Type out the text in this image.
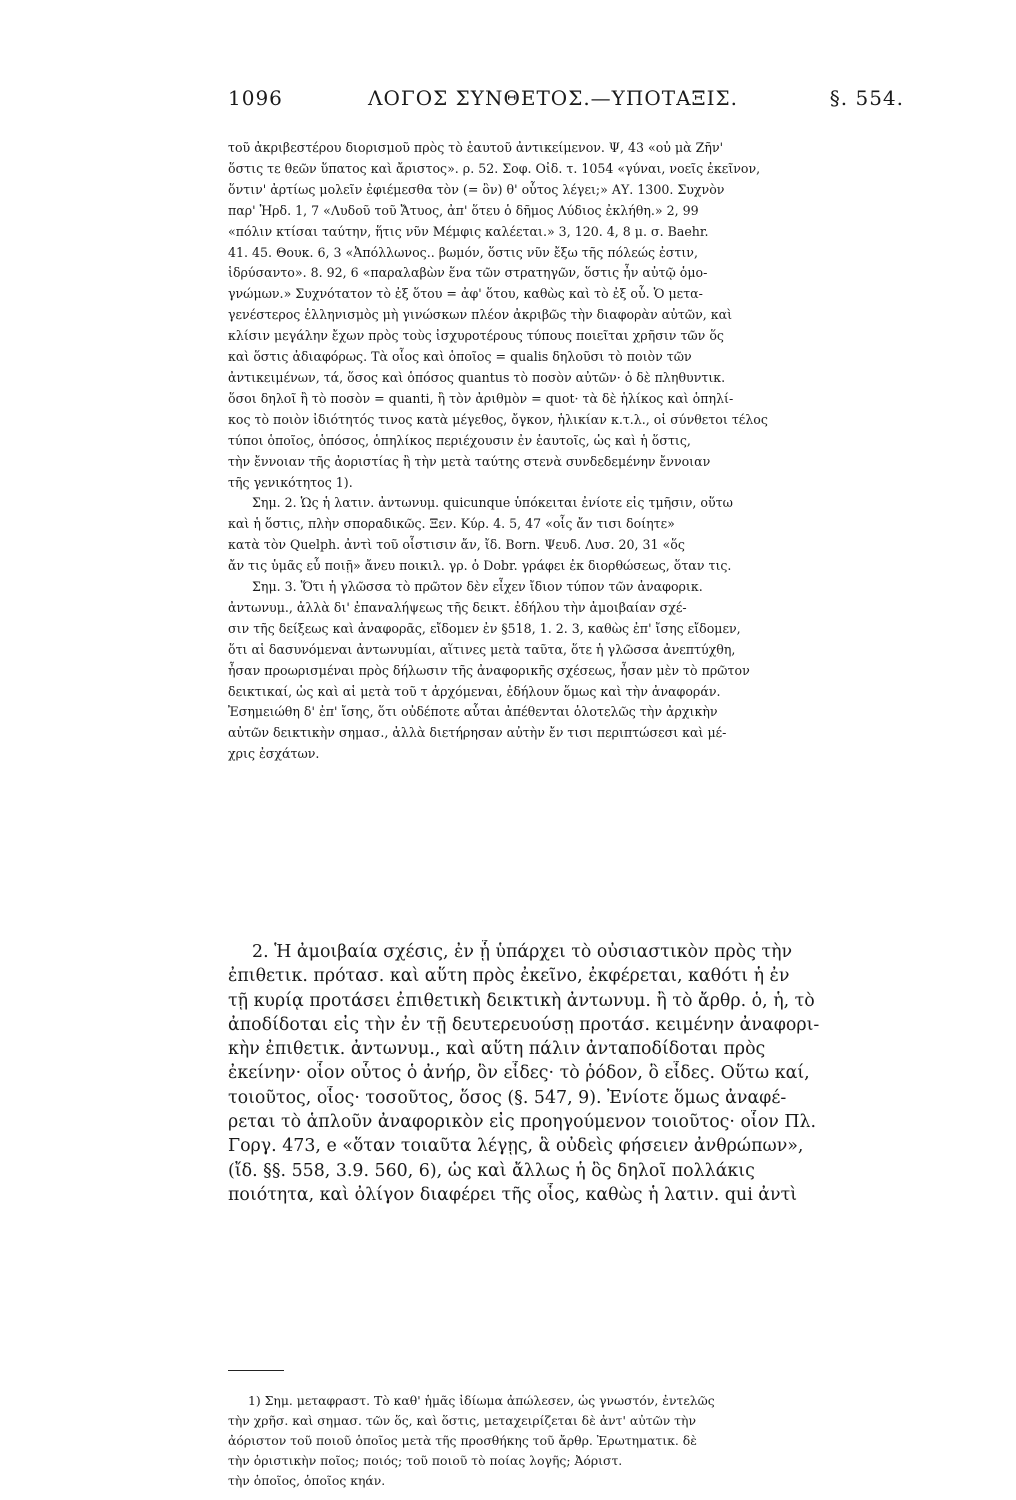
1096	ΛΟΓΟΣ ΣΥΝΘΕΤΟΣ.—ΥΠΟΤΑΞΙΣ.	§. 554.
τοῦ ἀκριβεστέρου διορισμοῦ πρὸς τὸ ἑαυτοῦ ἀντικείμενον. Ψ, 43 «οὐ μὰ Ζῆν'
ὅστις τε θεῶν ὕπατος καὶ ἄριστος». ρ. 52. Σοφ. Οἰδ. τ. 1054 «γύναι, νοεῖς ἐκεῖνον,
ὅντιν' ἀρτίως μολεῖν ἐφιέμεσθα τὸν (= ὃν) θ' οὗτος λέγει;» ΑΥ. 1300. Συχνὸν
παρ' Ἡρδ. 1, 7 «Λυδοῦ τοῦ Ἄτυος, ἀπ' ὅτευ ὁ δῆμος Λύδιος ἐκλήθη.» 2, 99
«πόλιν κτίσαι ταύτην, ἥτις νῦν Μέμφις καλέεται.» 3, 120. 4, 8 μ. σ. Baehr.
41. 45. Θουκ. 6, 3 «Ἀπόλλωνος.. βωμόν, ὅστις νῦν ἔξω τῆς πόλεώς ἐστιν,
ἱδρύσαντο». 8. 92, 6 «παραλαβὼν ἕνα τῶν στρατηγῶν, ὅστις ἦν αὐτῷ ὁμο-
γνώμων.» Συχνότατον τὸ ἐξ ὅτου = ἀφ' ὅτου, καθὼς καὶ τὸ ἐξ οὗ. Ὁ μετα-
γενέστερος ἑλληνισμὸς μὴ γινώσκων πλέον ἀκριβῶς τὴν διαφορὰν αὐτῶν, καὶ
κλίσιν μεγάλην ἔχων πρὸς τοὺς ἰσχυροτέρους τύπους ποιεῖται χρῆσιν τῶν ὅς
καὶ ὅστις ἀδιαφόρως. Τὰ οἷος καὶ ὁποῖος = qualis δηλοῦσι τὸ ποιὸν τῶν
ἀντικειμένων, τά, ὅσος καὶ ὁπόσος quantus τὸ ποσὸν αὐτῶν· ὁ δὲ πληθυντικ.
ὅσοι δηλοῖ ἢ τὸ ποσὸν = quanti, ἢ τὸν ἀριθμὸν = quot· τὰ δὲ ἡλίκος καὶ ὁπηλί-
κος τὸ ποιὸν ἰδιότητός τινος κατὰ μέγεθος, ὄγκον, ἡλικίαν κ.τ.λ., οἱ σύνθετοι τέλος
τύποι ὁποῖος, ὁπόσος, ὁπηλίκος περιέχουσιν ἐν ἑαυτοῖς, ὡς καὶ ἡ ὅστις,
τὴν ἔννοιαν τῆς ἀοριστίας ἢ τὴν μετὰ ταύτης στενὰ συνδεδεμένην ἔννοιαν
τῆς γενικότητος 1).
Σημ. 2. Ὡς ἡ λατιν. ἀντωνυμ. quicunque ὑπόκειται ἐνίοτε εἰς τμῆσιν, οὕτω
καὶ ἡ ὅστις, πλὴν σποραδικῶς. Ξεν. Κύρ. 4. 5, 47 «οἷς ἄν τισι δοίητε»
κατὰ τὸν Quelph. ἀντὶ τοῦ οἷστισιν ἄν, ἴδ. Born. Ψευδ. Λυσ. 20, 31 «ὅς
ἄν τις ὑμᾶς εὖ ποιῇ» ἄνευ ποικιλ. γρ. ὁ Dobr. γράφει ἐκ διορθώσεως, ὅταν τις.
Σημ. 3. Ὅτι ἡ γλῶσσα τὸ πρῶτον δὲν εἶχεν ἴδιον τύπον τῶν ἀναφορικ.
ἀντωνυμ., ἀλλὰ δι' ἐπαναλήψεως τῆς δεικτ. ἐδήλου τὴν ἀμοιβαίαν σχέ-
σιν τῆς δείξεως καὶ ἀναφορᾶς, εἴδομεν ἐν §518, 1. 2. 3, καθὼς ἐπ' ἴσης εἴδομεν,
ὅτι αἱ δασυνόμεναι ἀντωνυμίαι, αἵτινες μετὰ ταῦτα, ὅτε ἡ γλῶσσα ἀνεπτύχθη,
ἦσαν προωρισμέναι πρὸς δήλωσιν τῆς ἀναφορικῆς σχέσεως, ἦσαν μὲν τὸ πρῶτον
δεικτικαί, ὡς καὶ αἱ μετὰ τοῦ τ ἀρχόμεναι, ἐδήλουν ὅμως καὶ τὴν ἀναφοράν.
Ἐσημειώθη δ' ἐπ' ἴσης, ὅτι οὐδέποτε αὗται ἀπέθενται ὁλοτελῶς τὴν ἀρχικὴν
αὐτῶν δεικτικὴν σημασ., ἀλλὰ διετήρησαν αὐτὴν ἔν τισι περιπτώσεσι καὶ μέ-
χρις ἐσχάτων.
2. Ἡ ἀμοιβαία σχέσις, ἐν ᾗ ὑπάρχει τὸ οὐσιαστικὸν πρὸς τὴν
ἐπιθετικ. πρότασ. καὶ αὕτη πρὸς ἐκεῖνο, ἐκφέρεται, καθότι ἡ ἐν
τῇ κυρίᾳ προτάσει ἐπιθετικὴ δεικτικὴ ἀντωνυμ. ἢ τὸ ἄρθρ. ὁ, ἡ, τὸ
ἀποδίδοται εἰς τὴν ἐν τῇ δευτερευούσῃ προτάσ. κειμένην ἀναφορι-
κὴν ἐπιθετικ. ἀντωνυμ., καὶ αὕτη πάλιν ἀνταποδίδοται πρὸς
ἐκείνην· οἷον οὗτος ὁ ἀνήρ, ὃν εἶδες· τὸ ῥόδον, ὃ εἶδες. Οὕτω καί,
τοιοῦτος, οἷος· τοσοῦτος, ὅσος (§. 547, 9). Ἐνίοτε ὅμως ἀναφέ-
ρεται τὸ ἁπλοῦν ἀναφορικὸν εἰς προηγούμενον τοιοῦτος· οἷον Πλ.
Γοργ. 473, e «ὅταν τοιαῦτα λέγῃς, ἃ οὐδεὶς φήσειεν ἀνθρώπων»,
(ἴδ. §§. 558, 3.9. 560, 6), ὡς καὶ ἄλλως ἡ ὃς δηλοῖ πολλάκις
ποιότητα, καὶ ὀλίγον διαφέρει τῆς οἷος, καθὼς ἡ λατιν. qui ἀντὶ
1) Σημ. μεταφραστ. Τὸ καθ' ἡμᾶς ἰδίωμα ἀπώλεσεν, ὡς γνωστόν, ἐντελῶς
τὴν χρῆσ. καὶ σημασ. τῶν ὅς, καὶ ὅστις, μεταχειρίζεται δὲ ἀντ' αὐτῶν τὴν
ἀόριστον τοῦ ποιοῦ ὁποῖος μετὰ τῆς προσθήκης τοῦ ἄρθρ. Ἐρωτηματικ. δὲ
τὴν ὁριστικὴν ποῖος; ποιός; τοῦ ποιοῦ τὸ ποίας λογῆς; Ἀόριστ.
τὴν ὁποῖος, ὁποῖος κηάν.
